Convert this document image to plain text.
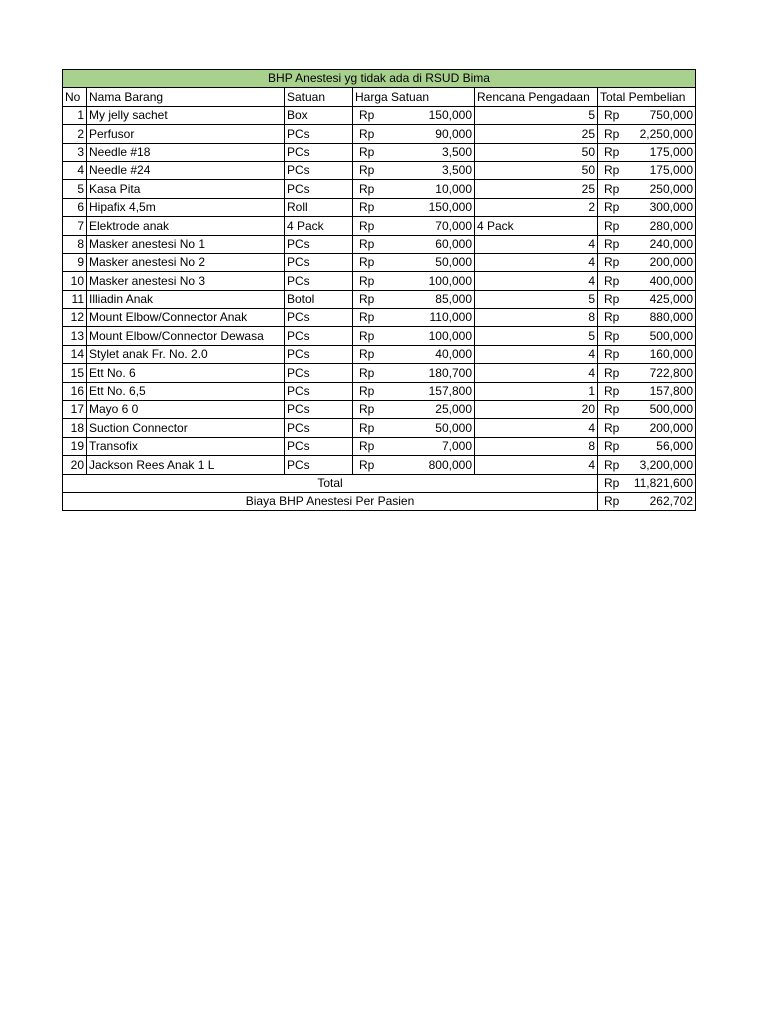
BHP Anestesi yg tidak ada di RSUD Bima					
No	Nama Barang	Satuan	Harga Satuan	Rencana Pengadaan	Total Pembelian
1	My jelly sachet	Box	Rp 150,000	5	Rp 750,000

2	Perfusor	PCs	Rp 90,000	25	Rp 2,250,000

3	Needle #18	PCs	Rp 3,500	50	Rp 175,000

4	Needle #24	PCs	Rp 3,500	50	Rp 175,000

5	Kasa Pita	PCs	Rp 10,000	25	Rp 250,000

6	Hipafix 4,5m	Roll	Rp 150,000	2	Rp 300,000

7	Elektrode anak	4 Pack	Rp 70,000	4 Pack	Rp 280,000

8	Masker anestesi No 1	PCs	Rp 60,000	4	Rp 240,000

9	Masker anestesi No 2	PCs	Rp 50,000	4	Rp 200,000

10	Masker anestesi No 3	PCs	Rp 100,000	4	Rp 400,000

11	Illiadin Anak	Botol	Rp 85,000	5	Rp 425,000

12	Mount Elbow/Connector Anak	PCs	Rp 110,000	8	Rp 880,000

13	Mount Elbow/Connector Dewasa	PCs	Rp 100,000	5	Rp 500,000

14	Stylet anak Fr. No. 2.0	PCs	Rp 40,000	4	Rp 160,000

15	Ett No. 6	PCs	Rp 180,700	4	Rp 722,800

16	Ett No. 6,5	PCs	Rp 157,800	1	Rp 157,800

17	Mayo 6 0	PCs	Rp 25,000	20	Rp 500,000

18	Suction Connector	PCs	Rp 50,000	4	Rp 200,000

19	Transofix	PCs	Rp 7,000	8	Rp 56,000

20	Jackson Rees Anak 1 L	PCs	Rp 800,000	4	Rp 3,200,000

Total					Rp 11,821,600

Biaya BHP Anestesi Per Pasien					Rp 262,702
